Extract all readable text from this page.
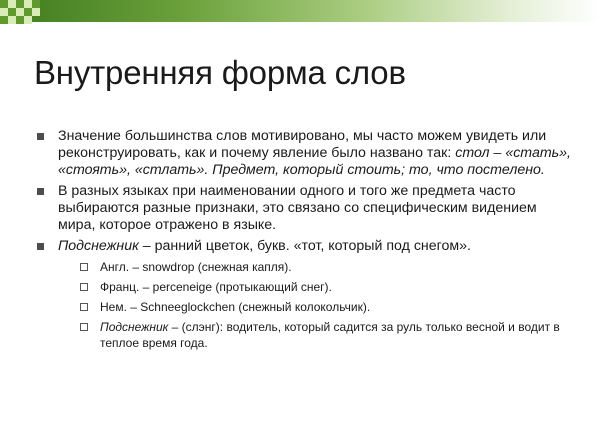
Внутренняя форма слов
Значение большинства слов мотивировано, мы часто можем увидеть или реконструировать, как и почему явление было названо так: стол – «стать», «стоять», «стлать». Предмет, который стоить; то, что постелено.
В разных языках при наименовании одного и того же предмета часто выбираются разные признаки, это связано со специфическим видением мира, которое отражено в языке.
Подснежник – ранний цветок, букв. «тот, который под снегом».
Англ. – snowdrop (снежная капля).
Франц. – perceneige (протыкающий снег).
Нем. – Schneeglockchen (снежный колокольчик).
Подснежник – (слэнг): водитель, который садится за руль только весной и водит в теплое время года.
